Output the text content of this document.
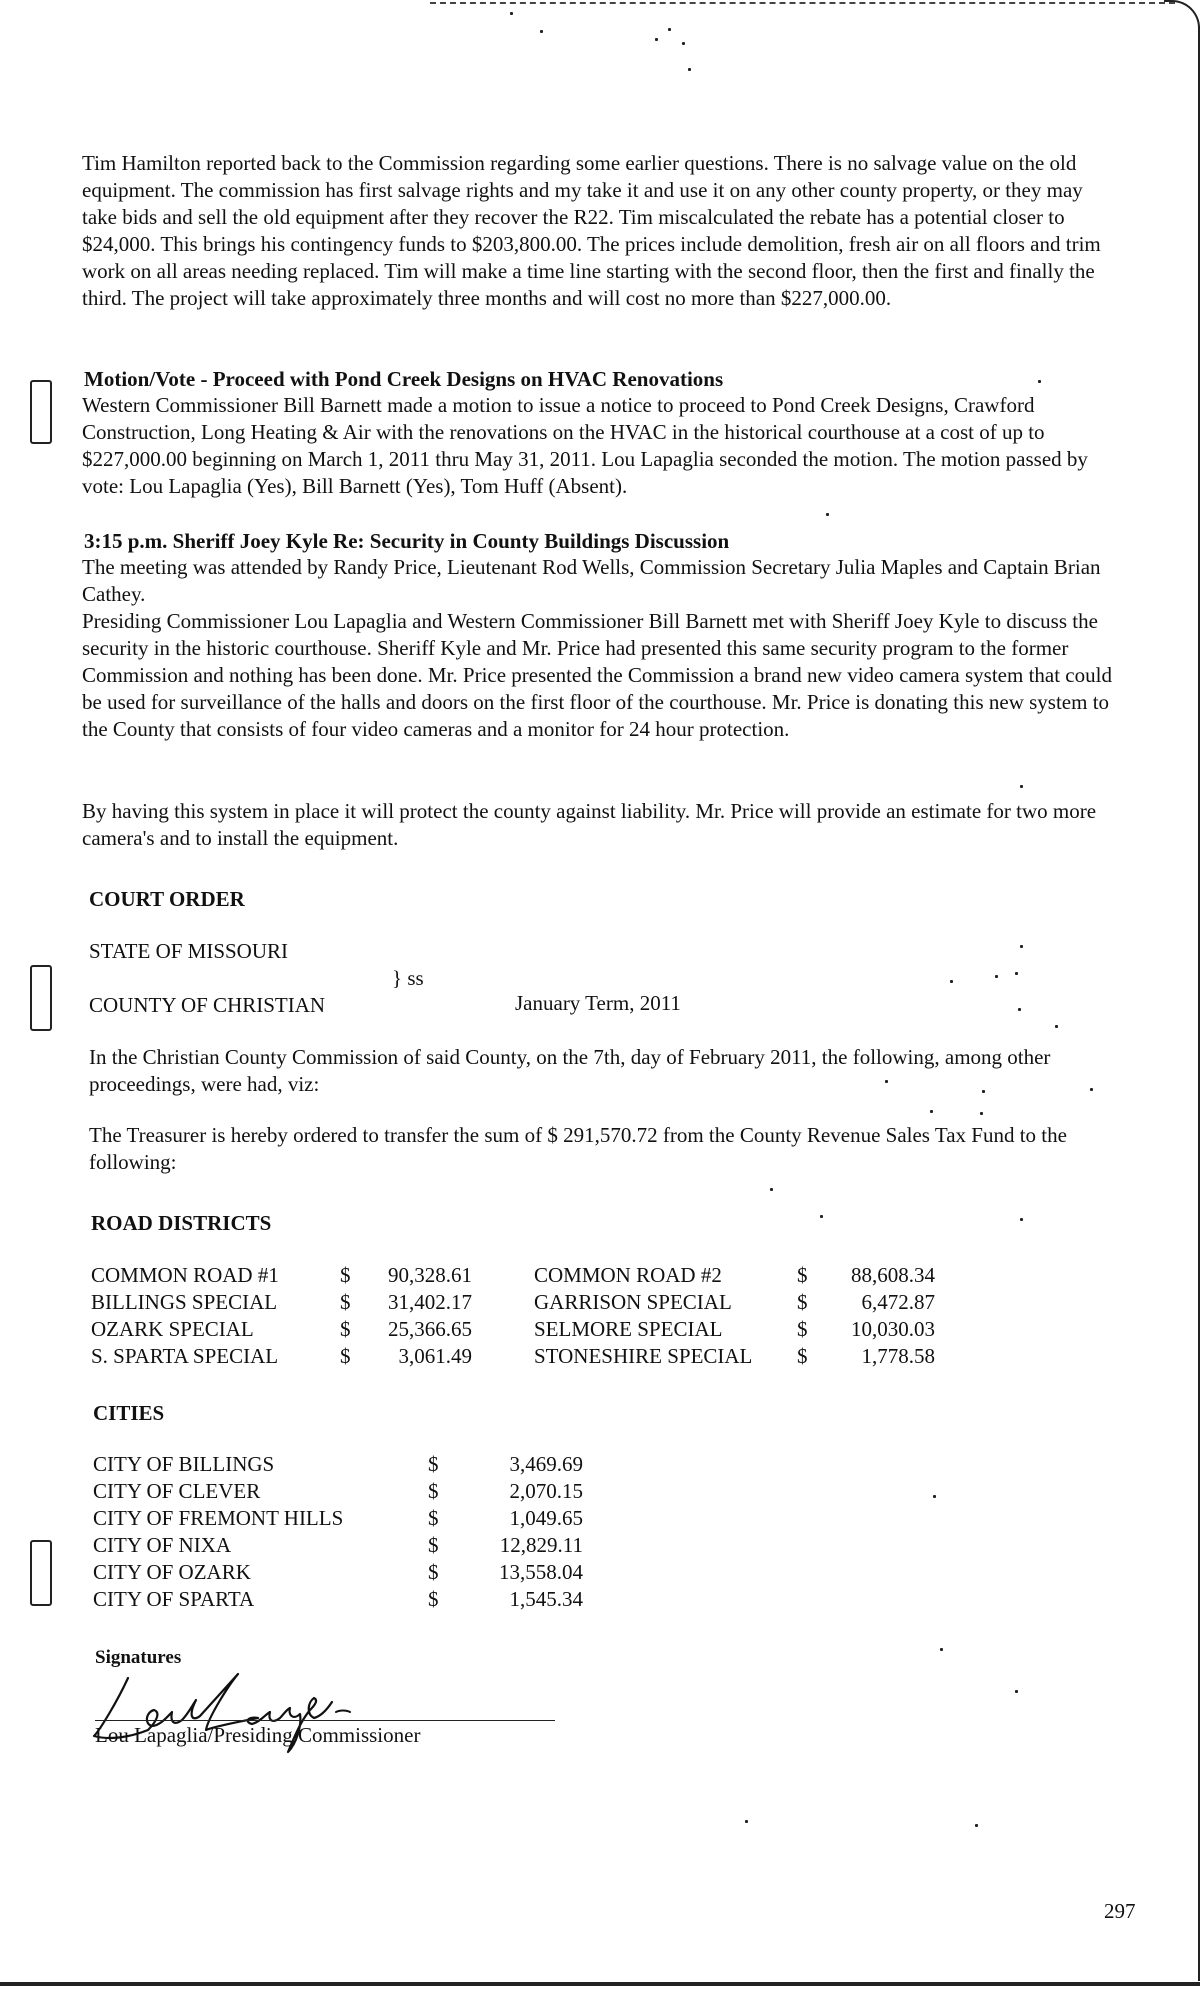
Tim Hamilton reported back to the Commission regarding some earlier questions. There is no salvage value on the old equipment. The commission has first salvage rights and my take it and use it on any other county property, or they may take bids and sell the old equipment after they recover the R22. Tim miscalculated the rebate has a potential closer to $24,000. This brings his contingency funds to $203,800.00. The prices include demolition, fresh air on all floors and trim work on all areas needing replaced. Tim will make a time line starting with the second floor, then the first and finally the third. The project will take approximately three months and will cost no more than $227,000.00.

Motion/Vote - Proceed with Pond Creek Designs on HVAC Renovations

Western Commissioner Bill Barnett made a motion to issue a notice to proceed to Pond Creek Designs, Crawford Construction, Long Heating & Air with the renovations on the HVAC in the historical courthouse at a cost of up to $227,000.00 beginning on March 1, 2011 thru May 31, 2011. Lou Lapaglia seconded the motion. The motion passed by vote: Lou Lapaglia (Yes), Bill Barnett (Yes), Tom Huff (Absent).

3:15 p.m. Sheriff Joey Kyle Re: Security in County Buildings Discussion

The meeting was attended by Randy Price, Lieutenant Rod Wells, Commission Secretary Julia Maples and Captain Brian Cathey.

Presiding Commissioner Lou Lapaglia and Western Commissioner Bill Barnett met with Sheriff Joey Kyle to discuss the security in the historic courthouse. Sheriff Kyle and Mr. Price had presented this same security program to the former Commission and nothing has been done. Mr. Price presented the Commission a brand new video camera system that could be used for surveillance of the halls and doors on the first floor of the courthouse. Mr. Price is donating this new system to the County that consists of four video cameras and a monitor for 24 hour protection.

By having this system in place it will protect the county against liability. Mr. Price will provide an estimate for two more camera's and to install the equipment.

COURT ORDER

STATE OF MISSOURI

} ss

COUNTY OF CHRISTIAN	January Term, 2011

In the Christian County Commission of said County, on the 7th, day of February 2011, the following, among other proceedings, were had, viz:

The Treasurer is hereby ordered to transfer the sum of $ 291,570.72 from the County Revenue Sales Tax Fund to the following:

ROAD DISTRICTS

COMMON ROAD #1	$	90,328.61	COMMON ROAD #2	$	88,608.34
BILLINGS SPECIAL	$	31,402.17	GARRISON SPECIAL	$	6,472.87
OZARK SPECIAL	$	25,366.65	SELMORE SPECIAL	$	10,030.03
S. SPARTA SPECIAL	$	3,061.49	STONESHIRE SPECIAL $	1,778.58

CITIES

CITY OF BILLINGS	$	3,469.69
CITY OF CLEVER	$	2,070.15
CITY OF FREMONT HILLS	$	1,049.65
CITY OF NIXA	$	12,829.11
CITY OF OZARK	$	13,558.04
CITY OF SPARTA	$	1,545.34

Signatures

Lou Lapaglia/Presiding Commissioner

297
